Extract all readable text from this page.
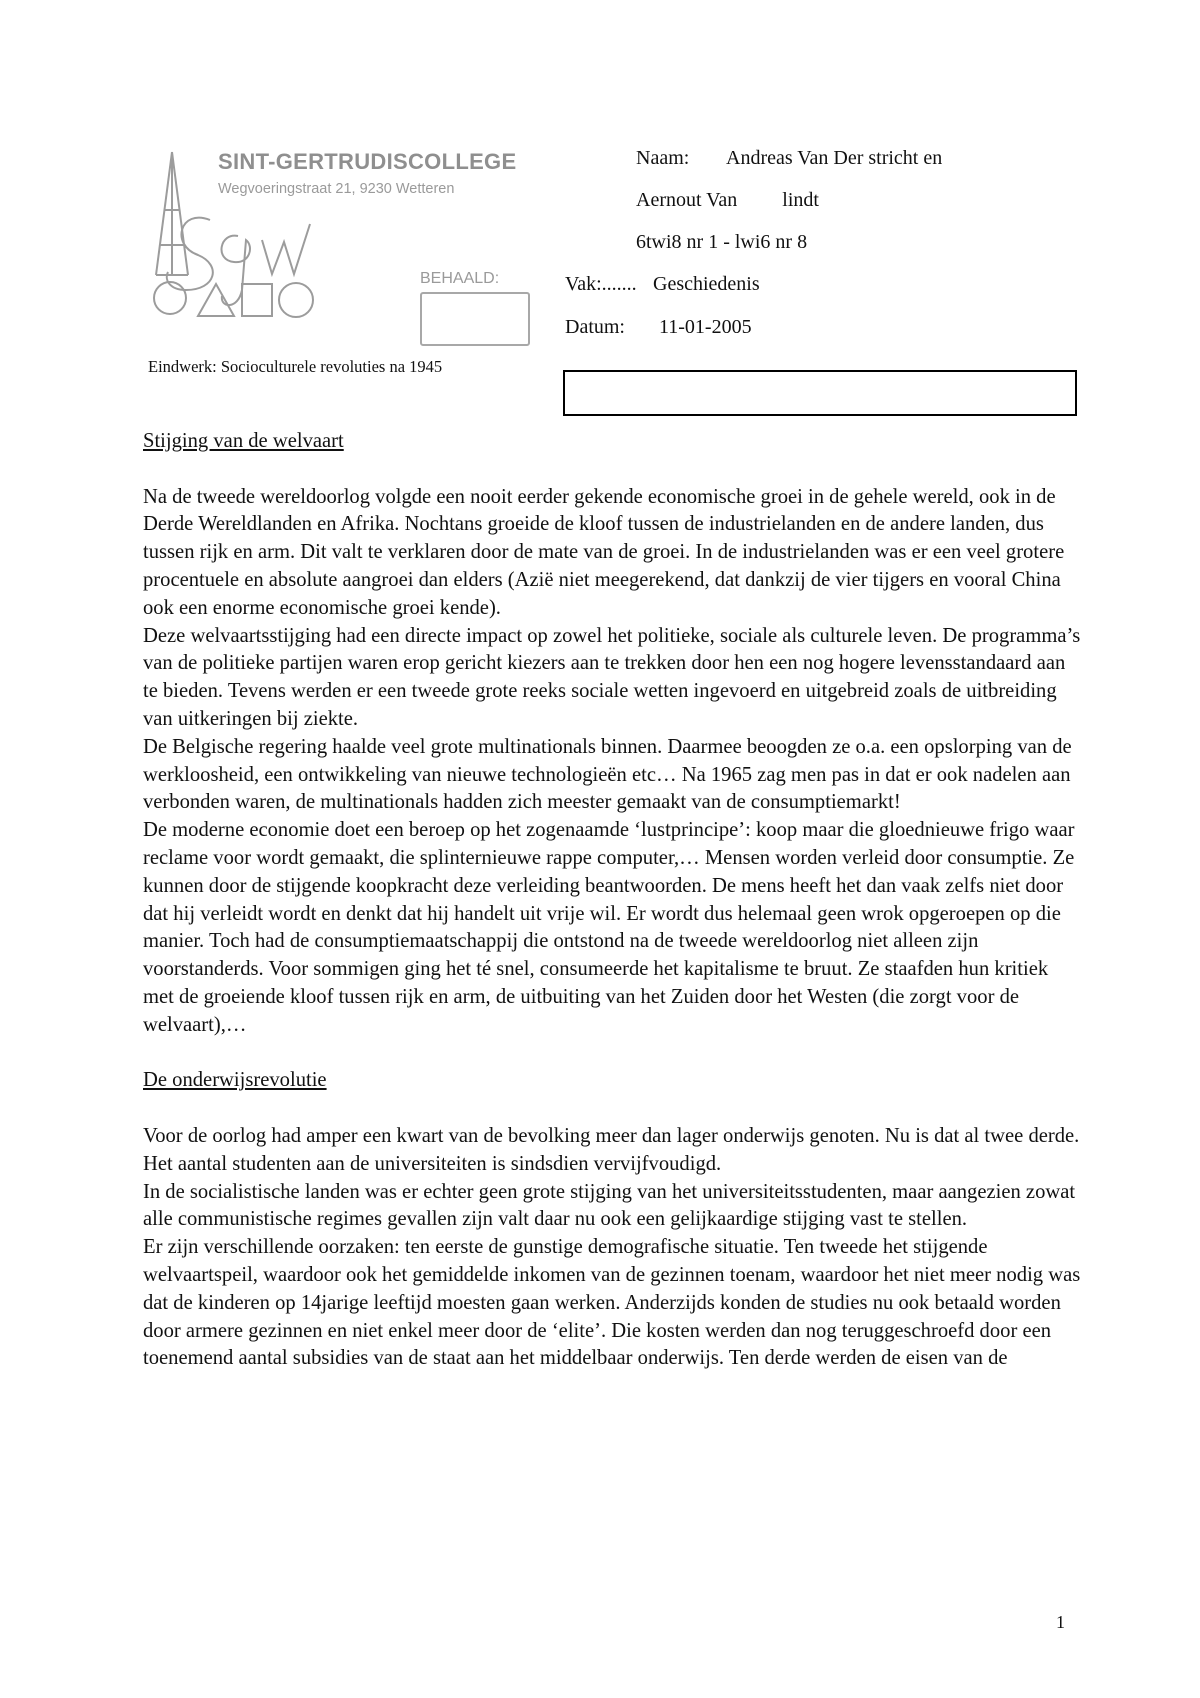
SINT-GERTRUDISCOLLEGE
Wegvoeringstraat 21, 9230 Wetteren
BEHAALD:
Eindwerk: Socioculturele revoluties na 1945
Naam: Andreas Van Der stricht en
Aernout Van         lindt
6twi8 nr 1 - lwi6 nr 8
Vak:....... Geschiedenis
Datum: 11-01-2005
Stijging van de welvaart

Na de tweede wereldoorlog volgde een nooit eerder gekende economische groei in de gehele wereld, ook in de Derde Wereldlanden en Afrika. Nochtans groeide de kloof tussen de industrielanden en de andere landen, dus tussen rijk en arm. Dit valt te verklaren door de mate van de groei. In de industrielanden was er een veel grotere procentuele en absolute aangroei dan elders (Azië niet meegerekend, dat dankzij de vier tijgers en vooral China ook een enorme economische groei kende).

Deze welvaartsstijging had een directe impact op zowel het politieke, sociale als culturele leven. De programma’s van de politieke partijen waren erop gericht kiezers aan te trekken door hen een nog hogere levensstandaard aan te bieden. Tevens werden er een tweede grote reeks sociale wetten ingevoerd en uitgebreid zoals de uitbreiding van uitkeringen bij ziekte.

De Belgische regering haalde veel grote multinationals binnen. Daarmee beoogden ze o.a. een opslorping van de werkloosheid, een ontwikkeling van nieuwe technologieën etc… Na 1965 zag men pas in dat er ook nadelen aan verbonden waren, de multinationals hadden zich meester gemaakt van de consumptiemarkt!

De moderne economie doet een beroep op het zogenaamde ‘lustprincipe’: koop maar die gloednieuwe frigo waar reclame voor wordt gemaakt, die splinternieuwe rappe computer,… Mensen worden verleid door consumptie. Ze kunnen door de stijgende koopkracht deze verleiding beantwoorden. De mens heeft het dan vaak zelfs niet door dat hij verleidt wordt en denkt dat hij handelt uit vrije wil. Er wordt dus helemaal geen wrok opgeroepen op die manier. Toch had de consumptiemaatschappij die ontstond na de tweede wereldoorlog niet alleen zijn voorstanderds. Voor sommigen ging het té snel, consumeerde het kapitalisme te bruut. Ze staafden hun kritiek met de groeiende kloof tussen rijk en arm, de uitbuiting van het Zuiden door het Westen (die zorgt voor de welvaart),…

De onderwijsrevolutie

Voor de oorlog had amper een kwart van de bevolking meer dan lager onderwijs genoten. Nu is dat al twee derde. Het aantal studenten aan de universiteiten is sindsdien vervijfvoudigd.

In de socialistische landen was er echter geen grote stijging van het universiteitsstudenten, maar aangezien zowat alle communistische regimes gevallen zijn valt daar nu ook een gelijkaardige stijging vast te stellen.

Er zijn verschillende oorzaken: ten eerste de gunstige demografische situatie. Ten tweede het stijgende welvaartspeil, waardoor ook het gemiddelde inkomen van de gezinnen toenam, waardoor het niet meer nodig was dat de kinderen op 14jarige leeftijd moesten gaan werken. Anderzijds konden de studies nu ook betaald worden door armere gezinnen en niet enkel meer door de ‘elite’. Die kosten werden dan nog teruggeschroefd door een toenemend aantal subsidies van de staat aan het middelbaar onderwijs. Ten derde werden de eisen van de

1
